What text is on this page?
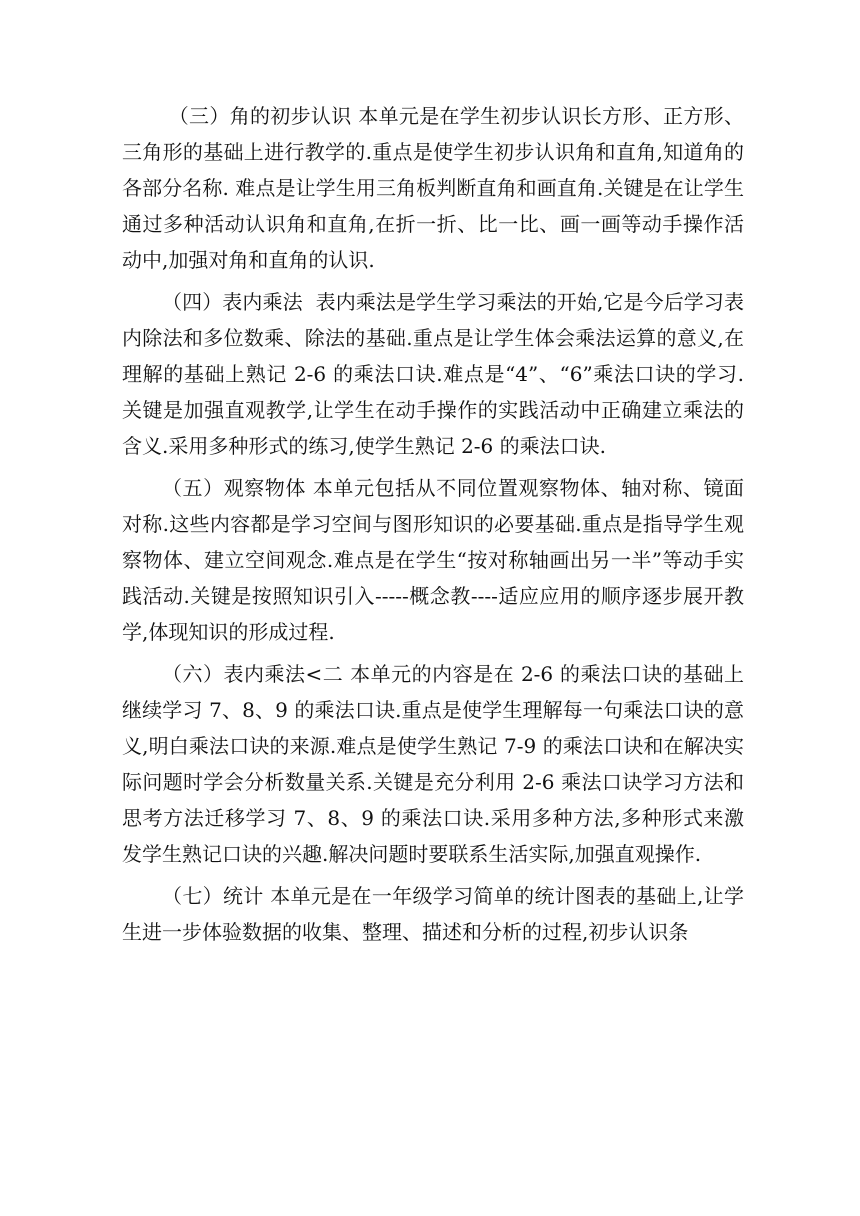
（三）角的初步认识 本单元是在学生初步认识长方形、正方形、三角形的基础上进行教学的.重点是使学生初步认识角和直角,知道角的各部分名称. 难点是让学生用三角板判断直角和画直角.关键是在让学生通过多种活动认识角和直角,在折一折、比一比、画一画等动手操作活动中,加强对角和直角的认识.

（四）表内乘法  表内乘法是学生学习乘法的开始,它是今后学习表内除法和多位数乘、除法的基础.重点是让学生体会乘法运算的意义,在理解的基础上熟记 2-6 的乘法口诀.难点是“4”、“6”乘法口诀的学习.关键是加强直观教学,让学生在动手操作的实践活动中正确建立乘法的含义.采用多种形式的练习,使学生熟记 2-6 的乘法口诀.

（五）观察物体 本单元包括从不同位置观察物体、轴对称、镜面对称.这些内容都是学习空间与图形知识的必要基础.重点是指导学生观察物体、建立空间观念.难点是在学生“按对称轴画出另一半”等动手实践活动.关键是按照知识引入-----概念教----适应应用的顺序逐步展开教学,体现知识的形成过程.

（六）表内乘法<二 本单元的内容是在 2-6 的乘法口诀的基础上继续学习 7、8、9 的乘法口诀.重点是使学生理解每一句乘法口诀的意义,明白乘法口诀的来源.难点是使学生熟记 7-9 的乘法口诀和在解决实际问题时学会分析数量关系.关键是充分利用 2-6 乘法口诀学习方法和思考方法迁移学习 7、8、9 的乘法口诀.采用多种方法,多种形式来激发学生熟记口诀的兴趣.解决问题时要联系生活实际,加强直观操作.

（七）统计 本单元是在一年级学习简单的统计图表的基础上,让学生进一步体验数据的收集、整理、描述和分析的过程,初步认识条
